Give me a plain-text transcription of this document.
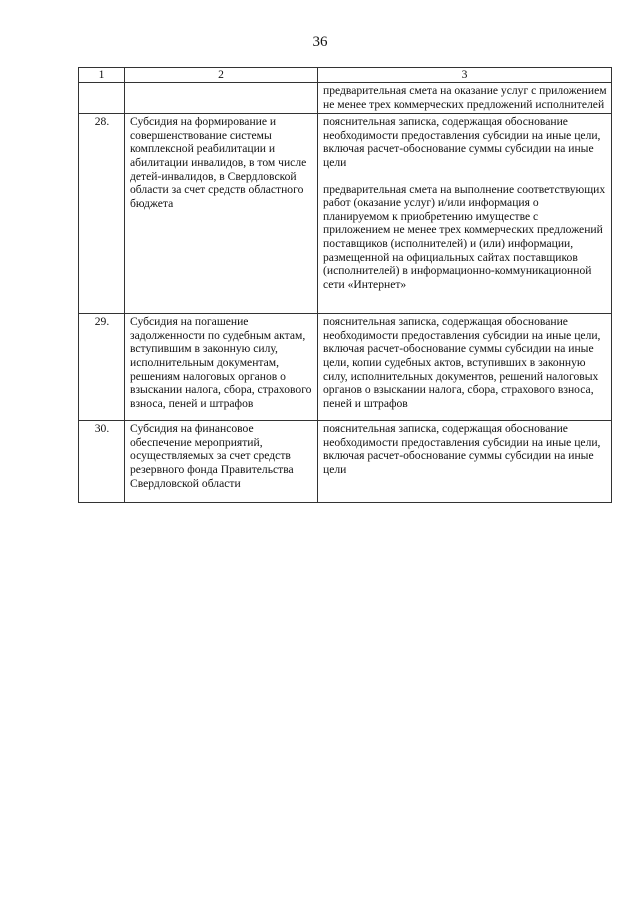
36
1	2	3

		предварительная смета на оказание услуг с приложением не менее трех коммерческих предложений исполнителей

28.	Субсидия на формирование и совершенствование системы комплексной реабилитации и абилитации инвалидов, в том числе детей-инвалидов, в Свердловской области за счет средств областного бюджета	пояснительная записка, содержащая обоснование необходимости предоставления субсидии на иные цели, включая расчет-обоснование суммы субсидии на иные цели
предварительная смета на выполнение соответствующих работ (оказание услуг) и/или информация о планируемом к приобретению имуществе с приложением не менее трех коммерческих предложений поставщиков (исполнителей) и (или) информации, размещенной на официальных сайтах поставщиков (исполнителей) в информационно-коммуникационной сети «Интернет»

29.	Субсидия на погашение задолженности по судебным актам, вступившим в законную силу, исполнительным документам, решениям налоговых органов о взыскании налога, сбора, страхового взноса, пеней и штрафов	пояснительная записка, содержащая обоснование необходимости предоставления субсидии на иные цели, включая расчет-обоснование суммы субсидии на иные цели, копии судебных актов, вступивших в законную силу, исполнительных документов, решений налоговых органов о взыскании налога, сбора, страхового взноса, пеней и штрафов

30.	Субсидия на финансовое обеспечение мероприятий, осуществляемых за счет средств резервного фонда Правительства Свердловской области	пояснительная записка, содержащая обоснование необходимости предоставления субсидии на иные цели, включая расчет-обоснование суммы субсидии на иные цели
